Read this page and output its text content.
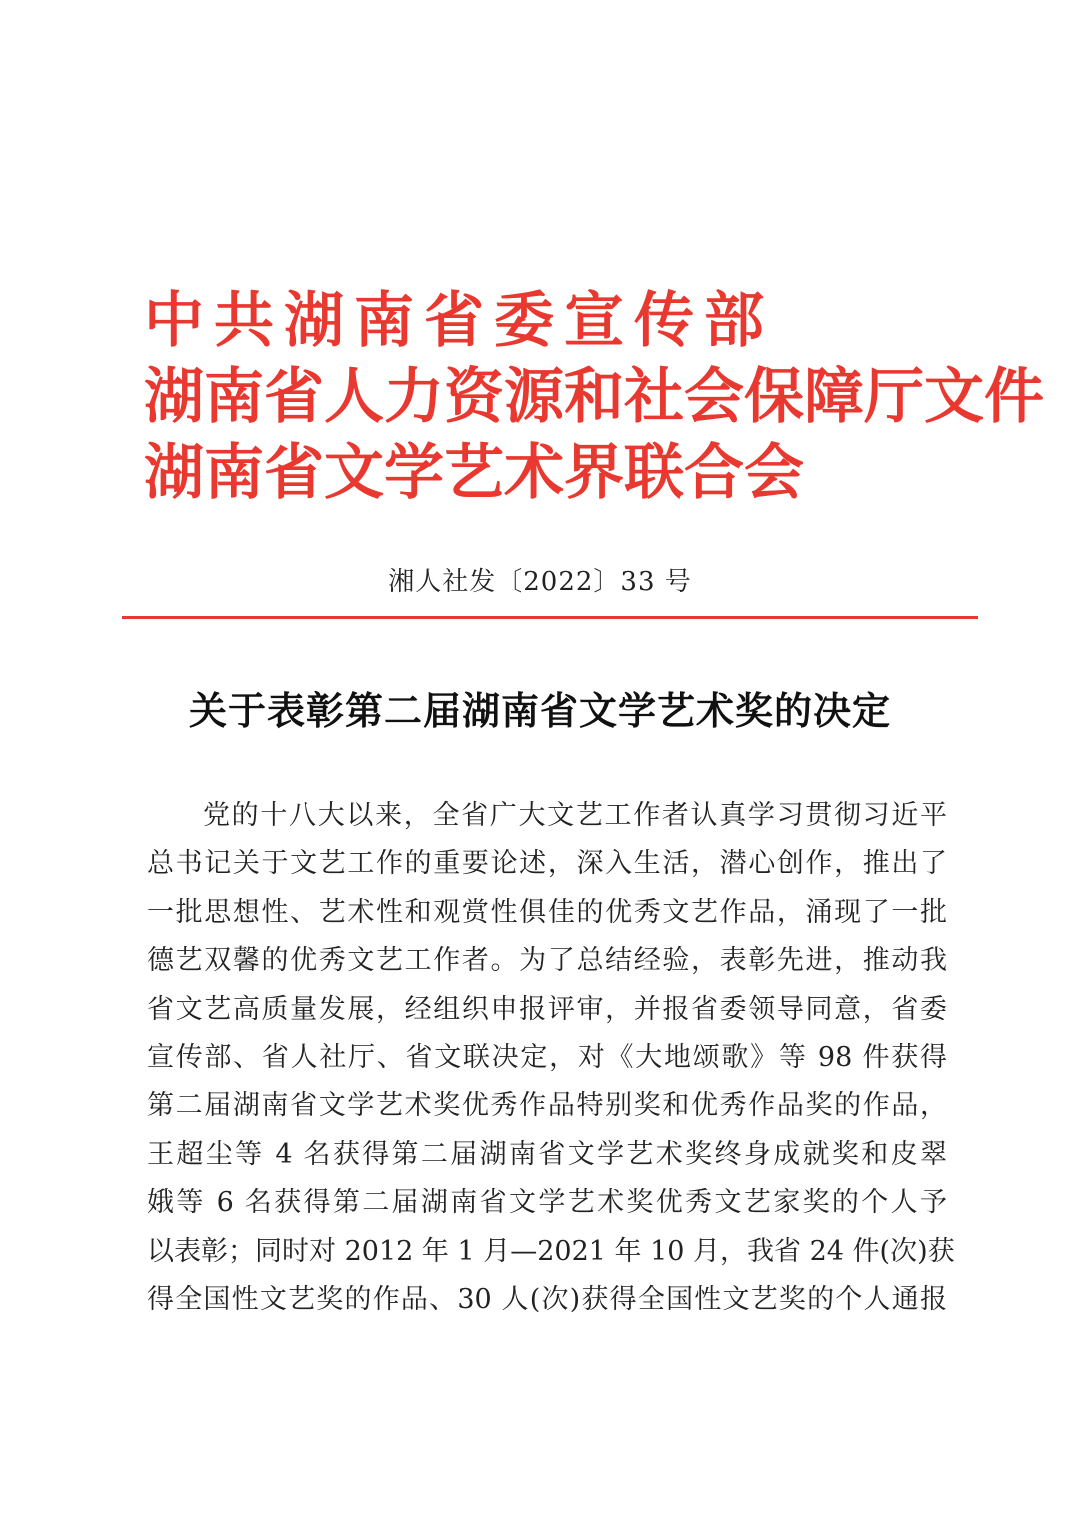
中共湖南省委宣传部
湖南省人力资源和社会保障厅文件
湖南省文学艺术界联合会
湘人社发〔2022〕33 号
关于表彰第二届湖南省文学艺术奖的决定
党的十八大以来，全省广大文艺工作者认真学习贯彻习近平
总书记关于文艺工作的重要论述，深入生活，潜心创作，推出了
一批思想性、艺术性和观赏性俱佳的优秀文艺作品，涌现了一批
德艺双馨的优秀文艺工作者。为了总结经验，表彰先进，推动我
省文艺高质量发展，经组织申报评审，并报省委领导同意，省委
宣传部、省人社厅、省文联决定，对《大地颂歌》等 98 件获得
第二届湖南省文学艺术奖优秀作品特别奖和优秀作品奖的作品，
王超尘等 4 名获得第二届湖南省文学艺术奖终身成就奖和皮翠
娥等 6 名获得第二届湖南省文学艺术奖优秀文艺家奖的个人予
以表彰；同时对 2012 年 1 月—2021 年 10 月，我省 24 件(次)获
得全国性文艺奖的作品、30 人(次)获得全国性文艺奖的个人通报
